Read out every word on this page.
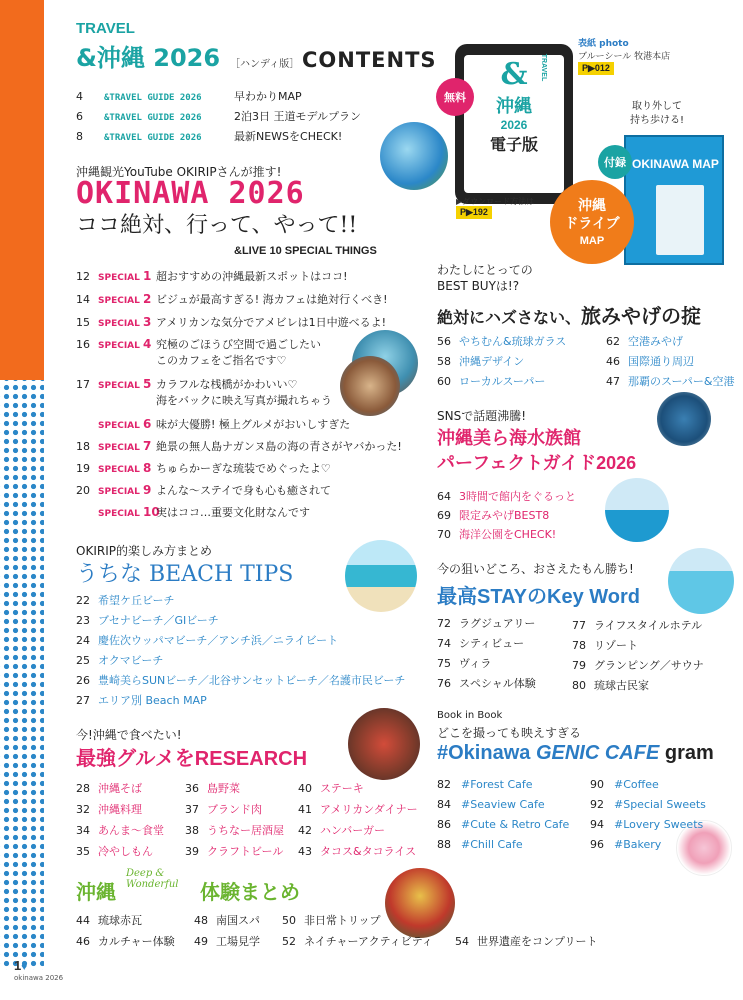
TRAVEL
&沖縄 2026 ［ハンディ版］ CONTENTS
4 &TRAVEL GUIDE 2026	早わかりMAP
6 &TRAVEL GUIDE 2026	2泊3日 王道モデルプラン
8 &TRAVEL GUIDE 2026	最新NEWSをCHECK!
&
沖縄
2026
電子版
TRAVEL
無料
▶ダウンロード方法は
P▶192
表紙 photo
ブルーシール 牧港本店
P▶012
取り外して
持ち歩ける!
OKINAWA MAP
付録
沖縄
ドライブ
MAP
沖縄観光YouTube OKIRIPさんが推す!
OKINAWA 2026
ココ絶対、行って、やって!!
&LIVE 10 SPECIAL THINGS
12 SPECIAL 1 超おすすめの沖縄最新スポットはココ!
14 SPECIAL 2 ビジュが最高すぎる! 海カフェは絶対行くべき!
15 SPECIAL 3 アメリカンな気分でアメビレは1日中遊べるよ!
16 SPECIAL 4 究極のごほうび空間で過ごしたい
このカフェをご指名です♡
17 SPECIAL 5 カラフルな桟橋がかわいい♡
海をバックに映え写真が撮れちゃう
SPECIAL 6 味が大優勝! 極上グルメがおいしすぎた
18 SPECIAL 7 絶景の無人島ナガンヌ島の海の青さがヤバかった!
19 SPECIAL 8 ちゅらかーぎな琉装でめぐったよ♡
20 SPECIAL 9 よんな～ステイで身も心も癒されて
SPECIAL 10実はココ…重要文化財なんです
OKIRIP的楽しみ方まとめ
うちな BEACH TIPS
22 希望ケ丘ビーチ
23 ブセナビーチ／GIビーチ
24 慶佐次ウッパマビーチ／アンチ浜／ニライビート
25 オクマビーチ
26 豊崎美らSUNビーチ／北谷サンセットビーチ／名護市民ビーチ
27 エリア別 Beach MAP
今!沖縄で食べたい!
最強グルメをRESEARCH
28 沖縄そば
32 沖縄料理
34 あんま～食堂
35 冷やしもん
36 島野菜
37 ブランド肉
38 うちなー居酒屋
39 クラフトビール
40 ステーキ
41 アメリカンダイナー
42 ハンバーガー
43 タコス&タコライス
沖縄
Deep &
Wonderful 体験まとめ
44 琉球赤瓦	48 南国スパ 50 非日常トリップ
46 カルチャー体験 49 工場見学 52 ネイチャーアクティビティ 54 世界遺産をコンプリート
わたしにとっての
BEST BUYは!?
絶対にハズさない、旅みやげの掟
56 やちむん&琉球ガラス
58 沖縄デザイン
60 ローカルスーパー
62 空港みやげ
46 国際通り周辺
47 那覇のスーパー&空港
SNSで話題沸騰!
沖縄美ら海水族館
パーフェクトガイド2026
64 3時間で館内をぐるっと
69 限定みやげBEST8
70 海洋公園をCHECK!
今の狙いどころ、おさえたもん勝ち!
最高STAYのKey Word
72 ラグジュアリー
74 シティビュー
75 ヴィラ
76 スペシャル体験
77 ライフスタイルホテル
78 リゾート
79 グランピング／サウナ
80 琉球古民家
Book in Book
どこを撮っても映えすぎる
#Okinawa GENIC CAFE gram
82 #Forest Cafe
84 #Seaview Cafe
86 #Cute & Retro Cafe
88 #Chill Cafe
90 #Coffee
92 #Special Sweets
94 #Lovery Sweets
96 #Bakery
1♥
okinawa 2026
